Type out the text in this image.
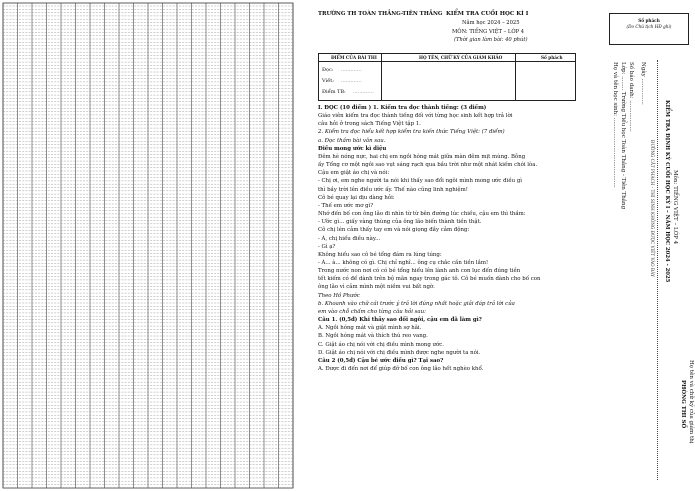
TRƯỜNG TH TOÀN THẮNG-TIÊN THẮNG KIỂM TRA CUỐI HỌC KÌ I
Năm học 2024 – 2025
MÔN: TIẾNG VIỆT – LỚP 4
(Thời gian làm bài: 40 phút)
ĐIỂM CỦA BÀI THI	HỌ TÊN, CHỮ KÝ CỦA GIÁM KHẢO	Số phách
Đọc:
Viết:
Điểm TB:
.............
.............
.............

I. ĐỌC (10 điểm ) 1. Kiểm tra đọc thành tiếng: (3 điểm)

Giáo viên kiểm tra đọc thành tiếng đối với từng học sinh kết hợp trả lời

câu hỏi ở trong sách Tiếng Việt tập 1.

2. Kiểm tra đọc hiểu kết hợp kiểm tra kiến thức Tiếng Việt: (7 điểm)

a. Đọc thầm bài văn sau.

Điều mong ước kì diệu

Đêm hè nóng nực, hai chị em ngồi hóng mát giữa màn đêm mịt mùng. Bỗng

ấy Tổng cơ một ngôi sao vụt sáng rạch qua bầu trời như một nhát kiếm chói lòa.

Cậu em giật áo chị và nói:

- Chị ơi, em nghe người ta nói khi thấy sao đổi ngôi mình mong ước điều gì

thì bầy trời lên điều ước ấy. Thế nào cũng linh nghiệm!

Cô bé quay lại dịu dàng hỏi:

- Thế em ước mơ gì?

Nhớ đến bố con ông lão đi nhìn từ từ bên đường lúc chiều, cậu em thì thầm:

- Ước gì... giấy vàng thùng của ông lão biến thành tiền thật.

Cô chị lén cảm thấy tay em và nói giọng đầy cảm động:

- À, chị hiểu điều này...

- Gì ạ?

Không hiểu sao cô bé tổng đám ra lúng túng:

- À... à... không có gì. Chị chỉ nghĩ... ông cụ chắc cần tiền lắm!

Trong nước non nơi có có bé tổng hiểu lên lành anh con lục đến đúng tiền

tết kiếm có để dành trên bộ mãn ngay trong gác tô. Cô bé muốn dành cho bố con

ông lão vì cảm mình một niềm vui bất ngờ.

Theo Hồ Phước

b. Khoanh vào chữ cái trước ý trả lời đúng nhất hoặc giải đáp trả lời của

em vào chỗ chấm cho từng câu hỏi sau:

Câu 1. (0,5đ) Khi thấy sao đổi ngôi, cậu em đã làm gì?

A. Ngồi hóng mát và giật mình sợ hãi.

B. Ngồi hóng mát và thích thú reo vang.

C. Giật áo chị nói với chị điều mình mong ước.

D. Giật áo chị nói với chị điều mình được nghe người ta nói.

Câu 2 (0,5đ) Cậu bé ước điều gì? Tại sao?

A. Được đi đến nơi để giúp đỡ bố con ông lão hết nghèo khổ.

Số phách
(Do Chủ tịch HĐ ghi)
Họ và tên học sinh: ........................................ Lớp: ........ Trường Tiểu học Toàn Thắng - Tiên Thắng Số báo danh: ..................
KIỂM TRA ĐỊNH KỲ CUỐI HỌC KỲ I – NĂM HỌC 2024 - 2025 Môn: TIẾNG VIỆT – LỚP 4
PHÒNG THI SỐ Họ tên và chữ ký của giám thị
Ngày ...............
ĐƯỜNG CẮT PHÁCH - THÍ SINH KHÔNG ĐƯỢC VIẾT VÀO ĐÂY
